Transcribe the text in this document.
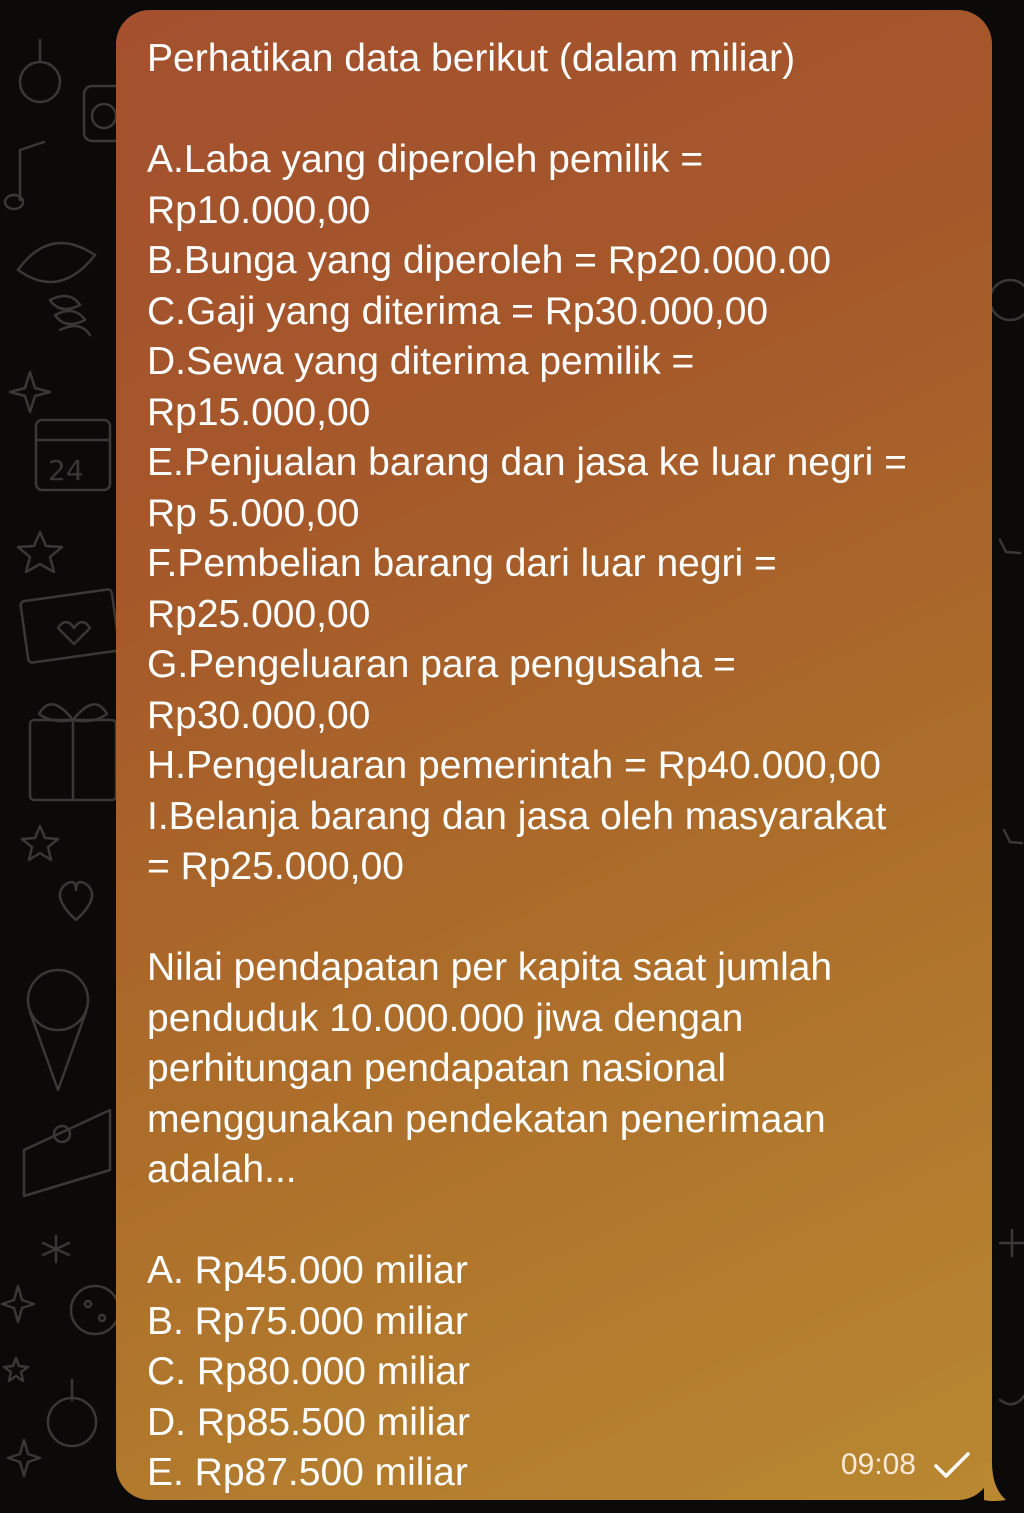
24
Perhatikan data berikut (dalam miliar)
A.Laba yang diperoleh pemilik =
Rp10.000,00
B.Bunga yang diperoleh = Rp20.000.00
C.Gaji yang diterima = Rp30.000,00
D.Sewa yang diterima pemilik =
Rp15.000,00
E.Penjualan barang dan jasa ke luar negri =
Rp 5.000,00
F.Pembelian barang dari luar negri =
Rp25.000,00
G.Pengeluaran para pengusaha =
Rp30.000,00
H.Pengeluaran pemerintah = Rp40.000,00
I.Belanja barang dan jasa oleh masyarakat
= Rp25.000,00
Nilai pendapatan per kapita saat jumlah
penduduk 10.000.000 jiwa dengan
perhitungan pendapatan nasional
menggunakan pendekatan penerimaan
adalah...
A. Rp45.000 miliar
B. Rp75.000 miliar
C. Rp80.000 miliar
D. Rp85.500 miliar
E. Rp87.500 miliar	09:08
